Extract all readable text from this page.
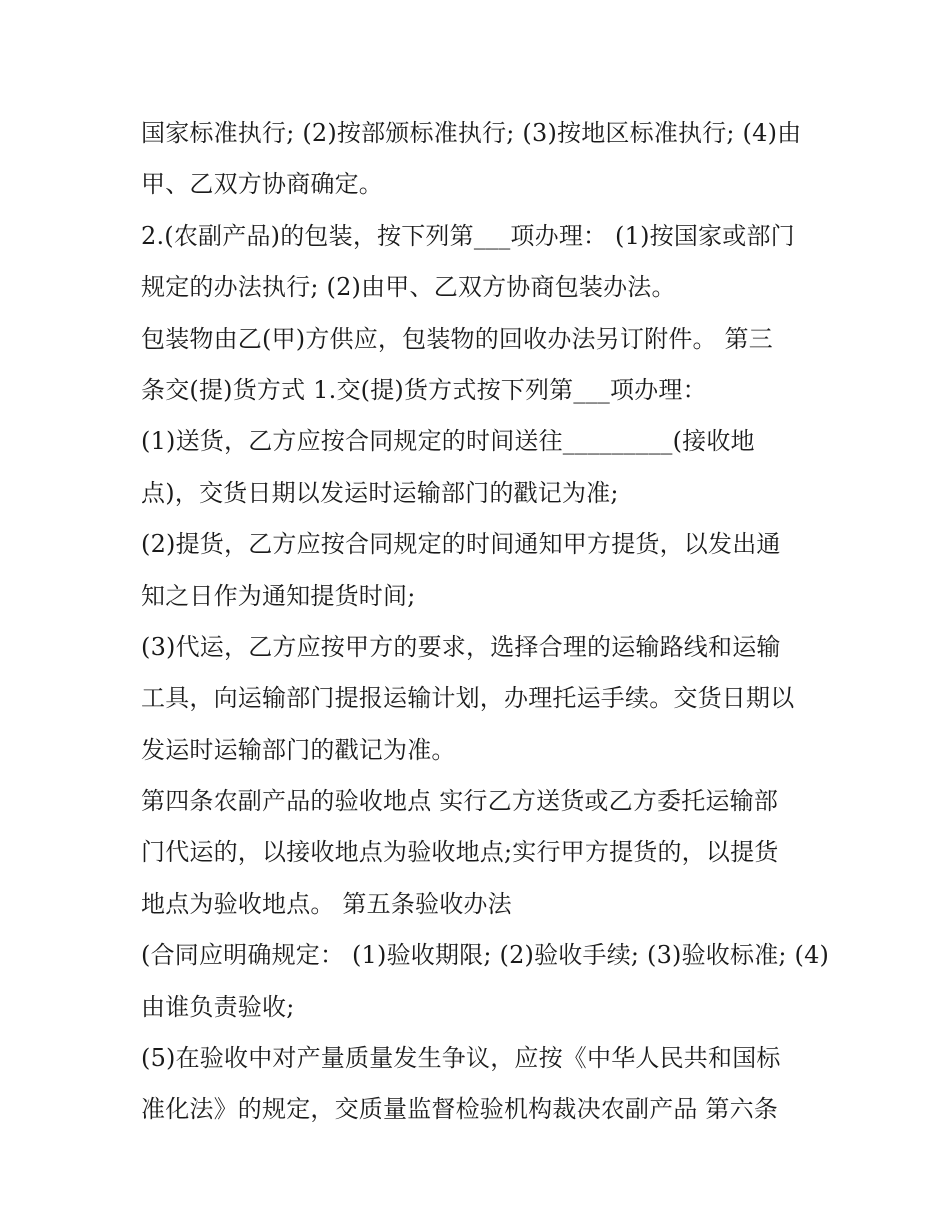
国家标准执行; (2)按部颁标准执行; (3)按地区标准执行; (4)由
甲、乙双方协商确定。
2.(农副产品)的包装，按下列第___项办理： (1)按国家或部门
规定的办法执行; (2)由甲、乙双方协商包装办法。
包装物由乙(甲)方供应，包装物的回收办法另订附件。 第三
条交(提)货方式 1.交(提)货方式按下列第___项办理：
(1)送货，乙方应按合同规定的时间送往_________(接收地
点)，交货日期以发运时运输部门的戳记为准;
(2)提货，乙方应按合同规定的时间通知甲方提货，以发出通
知之日作为通知提货时间;
(3)代运，乙方应按甲方的要求，选择合理的运输路线和运输
工具，向运输部门提报运输计划，办理托运手续。交货日期以
发运时运输部门的戳记为准。
第四条农副产品的验收地点 实行乙方送货或乙方委托运输部
门代运的，以接收地点为验收地点;实行甲方提货的，以提货
地点为验收地点。 第五条验收办法
(合同应明确规定： (1)验收期限; (2)验收手续; (3)验收标准; (4)
由谁负责验收;
(5)在验收中对产量质量发生争议，应按《中华人民共和国标
准化法》的规定，交质量监督检验机构裁决农副产品 第六条
